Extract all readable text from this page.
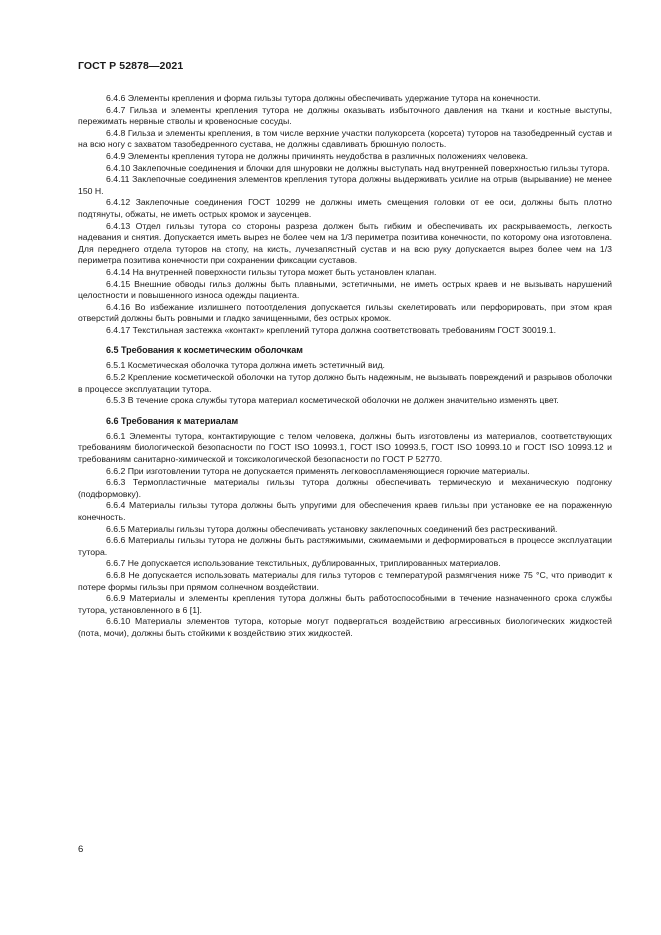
ГОСТ Р 52878—2021

6.4.6 Элементы крепления и форма гильзы тутора должны обеспечивать удержание тутора на конечности.

6.4.7 Гильза и элементы крепления тутора не должны оказывать избыточного давления на ткани и костные выступы, пережимать нервные стволы и кровеносные сосуды.

6.4.8 Гильза и элементы крепления, в том числе верхние участки полукорсета (корсета) туторов на тазобедренный сустав и на всю ногу с захватом тазобедренного сустава, не должны сдавливать брюшную полость.

6.4.9 Элементы крепления тутора не должны причинять неудобства в различных положениях человека.

6.4.10 Заклепочные соединения и блочки для шнуровки не должны выступать над внутренней поверхностью гильзы тутора.

6.4.11 Заклепочные соединения элементов крепления тутора должны выдерживать усилие на отрыв (вырывание) не менее 150 Н.

6.4.12 Заклепочные соединения ГОСТ 10299 не должны иметь смещения головки от ее оси, должны быть плотно подтянуты, обжаты, не иметь острых кромок и заусенцев.

6.4.13 Отдел гильзы тутора со стороны разреза должен быть гибким и обеспечивать их раскрываемость, легкость надевания и снятия. Допускается иметь вырез не более чем на 1/3 периметра позитива конечности, по которому она изготовлена. Для переднего отдела туторов на стопу, на кисть, лучезапястный сустав и на всю руку допускается вырез более чем на 1/3 периметра позитива конечности при сохранении фиксации суставов.

6.4.14 На внутренней поверхности гильзы тутора может быть установлен клапан.

6.4.15 Внешние обводы гильз должны быть плавными, эстетичными, не иметь острых краев и не вызывать нарушений целостности и повышенного износа одежды пациента.

6.4.16 Во избежание излишнего потоотделения допускается гильзы скелетировать или перфорировать, при этом края отверстий должны быть ровными и гладко зачищенными, без острых кромок.

6.4.17 Текстильная застежка «контакт» креплений тутора должна соответствовать требованиям ГОСТ 30019.1.

6.5 Требования к косметическим оболочкам

6.5.1 Косметическая оболочка тутора должна иметь эстетичный вид.

6.5.2 Крепление косметической оболочки на тутор должно быть надежным, не вызывать повреждений и разрывов оболочки в процессе эксплуатации тутора.

6.5.3 В течение срока службы тутора материал косметической оболочки не должен значительно изменять цвет.

6.6 Требования к материалам

6.6.1 Элементы тутора, контактирующие с телом человека, должны быть изготовлены из материалов, соответствующих требованиям биологической безопасности по ГОСТ ISO 10993.1, ГОСТ ISO 10993.5, ГОСТ ISO 10993.10 и ГОСТ ISO 10993.12 и требованиям санитарно-химической и токсикологической безопасности по ГОСТ Р 52770.

6.6.2 При изготовлении тутора не допускается применять легковоспламеняющиеся горючие материалы.

6.6.3 Термопластичные материалы гильзы тутора должны обеспечивать термическую и механическую подгонку (подформовку).

6.6.4 Материалы гильзы тутора должны быть упругими для обеспечения краев гильзы при установке ее на пораженную конечность.

6.6.5 Материалы гильзы тутора должны обеспечивать установку заклепочных соединений без растрескиваний.

6.6.6 Материалы гильзы тутора не должны быть растяжимыми, сжимаемыми и деформироваться в процессе эксплуатации тутора.

6.6.7 Не допускается использование текстильных, дублированных, триплированных материалов.

6.6.8 Не допускается использовать материалы для гильз туторов с температурой размягчения ниже 75 °С, что приводит к потере формы гильзы при прямом солнечном воздействии.

6.6.9 Материалы и элементы крепления тутора должны быть работоспособными в течение назначенного срока службы тутора, установленного в 6 [1].

6.6.10 Материалы элементов тутора, которые могут подвергаться воздействию агрессивных биологических жидкостей (пота, мочи), должны быть стойкими к воздействию этих жидкостей.

6
